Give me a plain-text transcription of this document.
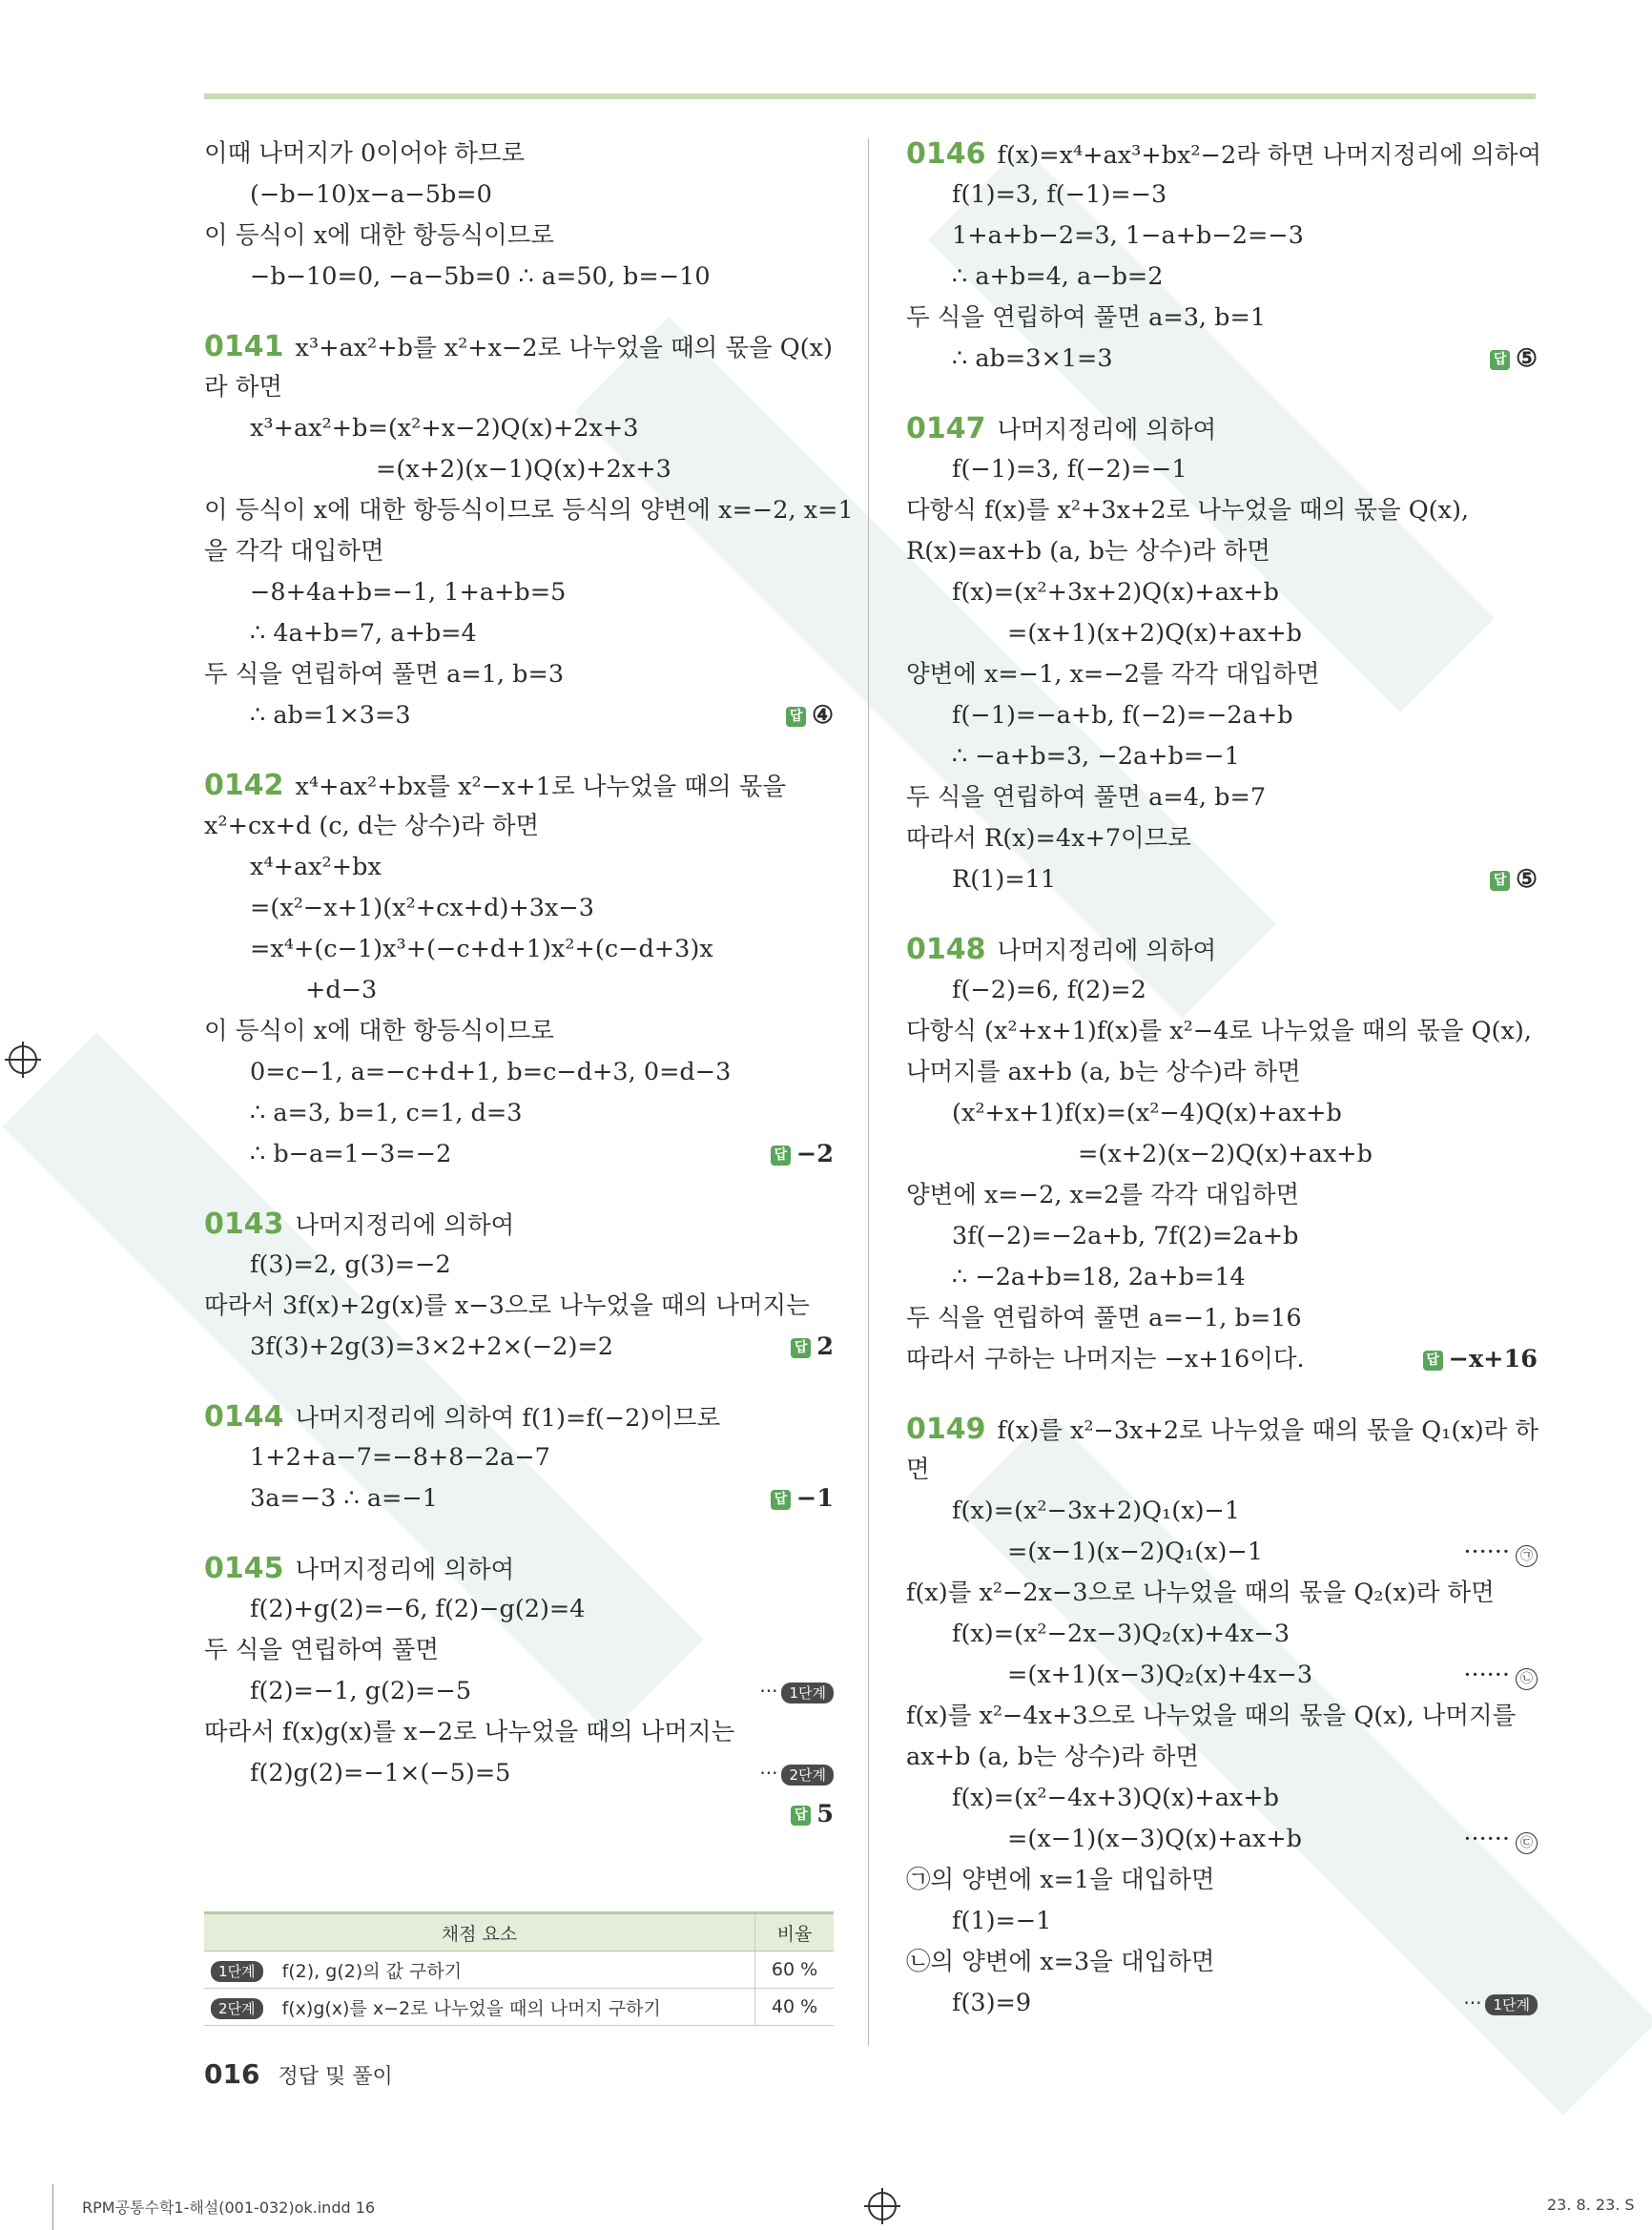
이때 나머지가 0이어야 하므로
(−b−10)x−a−5b=0
이 등식이 x에 대한 항등식이므로
−b−10=0, −a−5b=0 ∴ a=50, b=−10
0141 x³+ax²+b를 x²+x−2로 나누었을 때의 몫을 Q(x)
라 하면
x³+ax²+b=(x²+x−2)Q(x)+2x+3
=(x+2)(x−1)Q(x)+2x+3
이 등식이 x에 대한 항등식이므로 등식의 양변에 x=−2, x=1
을 각각 대입하면
−8+4a+b=−1, 1+a+b=5
∴ 4a+b=7, a+b=4
두 식을 연립하여 풀면 a=1, b=3
∴ ab=1×3=3	답 ④
0142 x⁴+ax²+bx를 x²−x+1로 나누었을 때의 몫을
x²+cx+d (c, d는 상수)라 하면
x⁴+ax²+bx
=(x²−x+1)(x²+cx+d)+3x−3
=x⁴+(c−1)x³+(−c+d+1)x²+(c−d+3)x
+d−3
이 등식이 x에 대한 항등식이므로
0=c−1, a=−c+d+1, b=c−d+3, 0=d−3
∴ a=3, b=1, c=1, d=3
∴ b−a=1−3=−2	답 −2
0143 나머지정리에 의하여
f(3)=2, g(3)=−2
따라서 3f(x)+2g(x)를 x−3으로 나누었을 때의 나머지는
3f(3)+2g(3)=3×2+2×(−2)=2	답 2
0144 나머지정리에 의하여 f(1)=f(−2)이므로
1+2+a−7=−8+8−2a−7
3a=−3 ∴ a=−1	답 −1
0145 나머지정리에 의하여
f(2)+g(2)=−6, f(2)−g(2)=4
두 식을 연립하여 풀면
f(2)=−1, g(2)=−5	··· 1단계
따라서 f(x)g(x)를 x−2로 나누었을 때의 나머지는
f(2)g(2)=−1×(−5)=5	··· 2단계
답 5
0146 f(x)=x⁴+ax³+bx²−2라 하면 나머지정리에 의하여
f(1)=3, f(−1)=−3
1+a+b−2=3, 1−a+b−2=−3
∴ a+b=4, a−b=2
두 식을 연립하여 풀면 a=3, b=1
∴ ab=3×1=3	답 ⑤
0147 나머지정리에 의하여
f(−1)=3, f(−2)=−1
다항식 f(x)를 x²+3x+2로 나누었을 때의 몫을 Q(x),
R(x)=ax+b (a, b는 상수)라 하면
f(x)=(x²+3x+2)Q(x)+ax+b
=(x+1)(x+2)Q(x)+ax+b
양변에 x=−1, x=−2를 각각 대입하면
f(−1)=−a+b, f(−2)=−2a+b
∴ −a+b=3, −2a+b=−1
두 식을 연립하여 풀면 a=4, b=7
따라서 R(x)=4x+7이므로
R(1)=11	답 ⑤
0148 나머지정리에 의하여
f(−2)=6, f(2)=2
다항식 (x²+x+1)f(x)를 x²−4로 나누었을 때의 몫을 Q(x),
나머지를 ax+b (a, b는 상수)라 하면
(x²+x+1)f(x)=(x²−4)Q(x)+ax+b
=(x+2)(x−2)Q(x)+ax+b
양변에 x=−2, x=2를 각각 대입하면
3f(−2)=−2a+b, 7f(2)=2a+b
∴ −2a+b=18, 2a+b=14
두 식을 연립하여 풀면 a=−1, b=16
따라서 구하는 나머지는 −x+16이다.	답 −x+16
0149 f(x)를 x²−3x+2로 나누었을 때의 몫을 Q₁(x)라 하
면
f(x)=(x²−3x+2)Q₁(x)−1
=(x−1)(x−2)Q₁(x)−1	······ ㉠
f(x)를 x²−2x−3으로 나누었을 때의 몫을 Q₂(x)라 하면
f(x)=(x²−2x−3)Q₂(x)+4x−3
=(x+1)(x−3)Q₂(x)+4x−3	······ ㉡
f(x)를 x²−4x+3으로 나누었을 때의 몫을 Q(x), 나머지를
ax+b (a, b는 상수)라 하면
f(x)=(x²−4x+3)Q(x)+ax+b
=(x−1)(x−3)Q(x)+ax+b	······ ㉢
㉠의 양변에 x=1을 대입하면
f(1)=−1
㉡의 양변에 x=3을 대입하면
f(3)=9	··· 1단계
채점 요소	비율
1단계 f(2), g(2)의 값 구하기	60 %
2단계 f(x)g(x)를 x−2로 나누었을 때의 나머지 구하기	40 %
016 정답 및 풀이
RPM공통수학1-해설(001-032)ok.indd 16	23. 8. 23. S
